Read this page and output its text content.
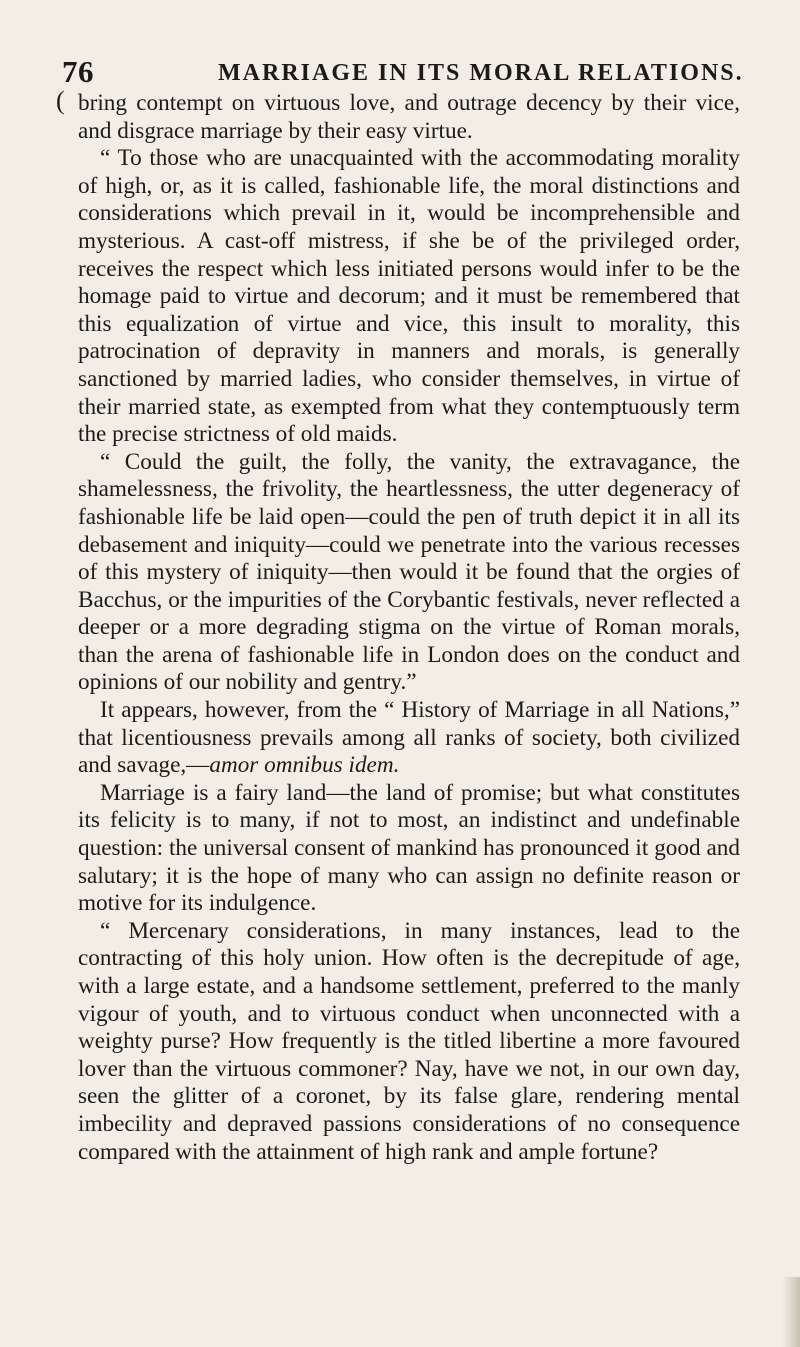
76	MARRIAGE IN ITS MORAL RELATIONS.
( bring contempt on virtuous love, and outrage decency by their vice, and disgrace marriage by their easy virtue.

“ To those who are unacquainted with the accommodating morality of high, or, as it is called, fashionable life, the moral distinctions and considerations which prevail in it, would be incomprehensible and mysterious. A cast-off mistress, if she be of the privileged order, receives the respect which less initiated persons would infer to be the homage paid to virtue and decorum; and it must be remembered that this equalization of virtue and vice, this insult to morality, this patrocination of depravity in manners and morals, is generally sanctioned by married ladies, who consider themselves, in virtue of their married state, as exempted from what they contemptuously term the precise strictness of old maids.

“ Could the guilt, the folly, the vanity, the extravagance, the shamelessness, the frivolity, the heartlessness, the utter degeneracy of fashionable life be laid open—could the pen of truth depict it in all its debasement and iniquity—could we penetrate into the various recesses of this mystery of iniquity—then would it be found that the orgies of Bacchus, or the impurities of the Corybantic festivals, never reflected a deeper or a more degrading stigma on the virtue of Roman morals, than the arena of fashionable life in London does on the conduct and opinions of our nobility and gentry.”

It appears, however, from the “ History of Marriage in all Nations,” that licentiousness prevails among all ranks of society, both civilized and savage,—amor omnibus idem.

Marriage is a fairy land—the land of promise; but what constitutes its felicity is to many, if not to most, an indistinct and undefinable question: the universal consent of mankind has pronounced it good and salutary; it is the hope of many who can assign no definite reason or motive for its indulgence.

“ Mercenary considerations, in many instances, lead to the contracting of this holy union. How often is the decrepitude of age, with a large estate, and a handsome settlement, preferred to the manly vigour of youth, and to virtuous conduct when unconnected with a weighty purse? How frequently is the titled libertine a more favoured lover than the virtuous commoner? Nay, have we not, in our own day, seen the glitter of a coronet, by its false glare, rendering mental imbecility and depraved passions considerations of no consequence compared with the attainment of high rank and ample fortune?
